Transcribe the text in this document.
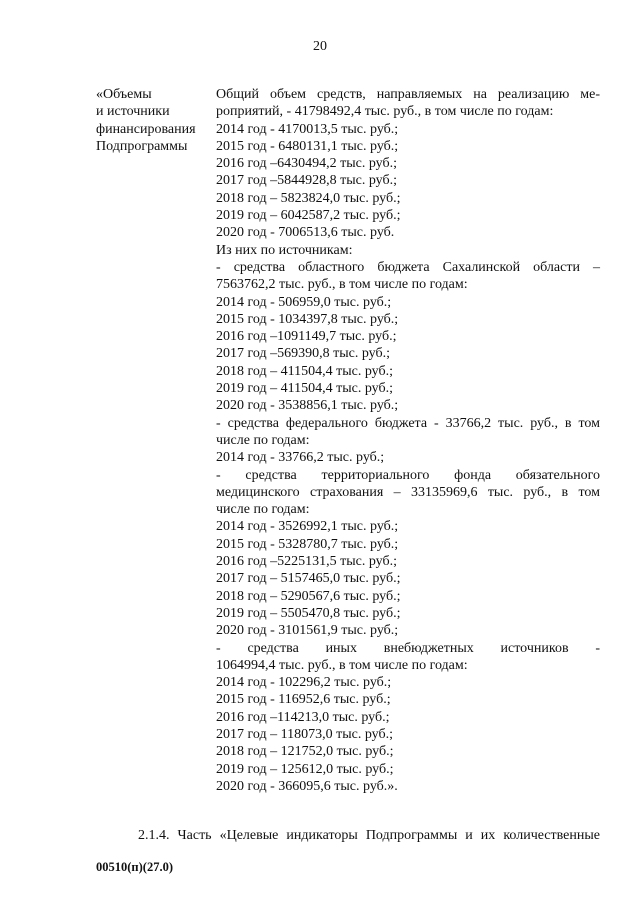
20
«Объемы
и источники
финансирования
Подпрограммы
Общий объем средств, направляемых на реализацию ме-
роприятий, - 41798492,4 тыс. руб., в том числе по годам:
2014 год - 4170013,5 тыс. руб.;
2015 год - 6480131,1 тыс. руб.;
2016 год –6430494,2 тыс. руб.;
2017 год –5844928,8 тыс. руб.;
2018 год – 5823824,0 тыс. руб.;
2019 год – 6042587,2 тыс. руб.;
2020 год - 7006513,6 тыс. руб.
Из них по источникам:
- средства областного бюджета Сахалинской области –
7563762,2 тыс. руб., в том числе по годам:
2014 год - 506959,0 тыс. руб.;
2015 год - 1034397,8 тыс. руб.;
2016 год –1091149,7 тыс. руб.;
2017 год –569390,8 тыс. руб.;
2018 год – 411504,4 тыс. руб.;
2019 год – 411504,4 тыс. руб.;
2020 год - 3538856,1 тыс. руб.;
- средства федерального бюджета - 33766,2 тыс. руб., в том
числе по годам:
2014 год - 33766,2 тыс. руб.;
- средства территориального фонда обязательного
медицинского страхования – 33135969,6 тыс. руб., в том
числе по годам:
2014 год - 3526992,1 тыс. руб.;
2015 год - 5328780,7 тыс. руб.;
2016 год –5225131,5 тыс. руб.;
2017 год – 5157465,0 тыс. руб.;
2018 год – 5290567,6 тыс. руб.;
2019 год – 5505470,8 тыс. руб.;
2020 год - 3101561,9 тыс. руб.;
- средства иных внебюджетных источников -
1064994,4 тыс. руб., в том числе по годам:
2014 год - 102296,2 тыс. руб.;
2015 год - 116952,6 тыс. руб.;
2016 год –114213,0 тыс. руб.;
2017 год – 118073,0 тыс. руб.;
2018 год – 121752,0 тыс. руб.;
2019 год – 125612,0 тыс. руб.;
2020 год - 366095,6 тыс. руб.».
2.1.4. Часть «Целевые индикаторы Подпрограммы и их количественные
00510(п)(27.0)
